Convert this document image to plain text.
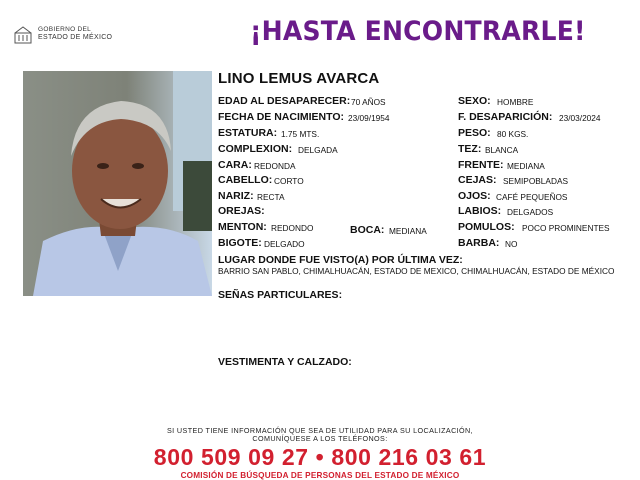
GOBIERNO DEL
ESTADO DE MÉXICO	¡HASTA ENCONTRARLE!
LINO LEMUS AVARCA
EDAD AL DESAPARECER: 70 AÑOS
FECHA DE NACIMIENTO: 23/09/1954
ESTATURA: 1.75 MTS.
COMPLEXION: DELGADA
CARA: REDONDA
CABELLO: CORTO
NARIZ: RECTA
OREJAS:
MENTON: REDONDO	BOCA: MEDIANA
BIGOTE: DELGADO
SEXO: HOMBRE
F. DESAPARICIÓN: 23/03/2024
PESO: 80 KGS.
TEZ: BLANCA
FRENTE: MEDIANA
CEJAS: SEMIPOBLADAS
OJOS: CAFÉ PEQUEÑOS
LABIOS: DELGADOS
POMULOS: POCO PROMINENTES
BARBA: NO
LUGAR DONDE FUE VISTO(A) POR ÚLTIMA VEZ:
BARRIO SAN PABLO, CHIMALHUACÁN, ESTADO DE MEXICO, CHIMALHUACÁN, ESTADO DE MÉXICO
SEÑAS PARTICULARES:
VESTIMENTA Y CALZADO:
SI USTED TIENE INFORMACIÓN QUE SEA DE UTILIDAD PARA SU LOCALIZACIÓN,
COMUNÍQUESE A LOS TELÉFONOS:
800 509 09 27 • 800 216 03 61
COMISIÓN DE BÚSQUEDA DE PERSONAS DEL ESTADO DE MÉXICO
